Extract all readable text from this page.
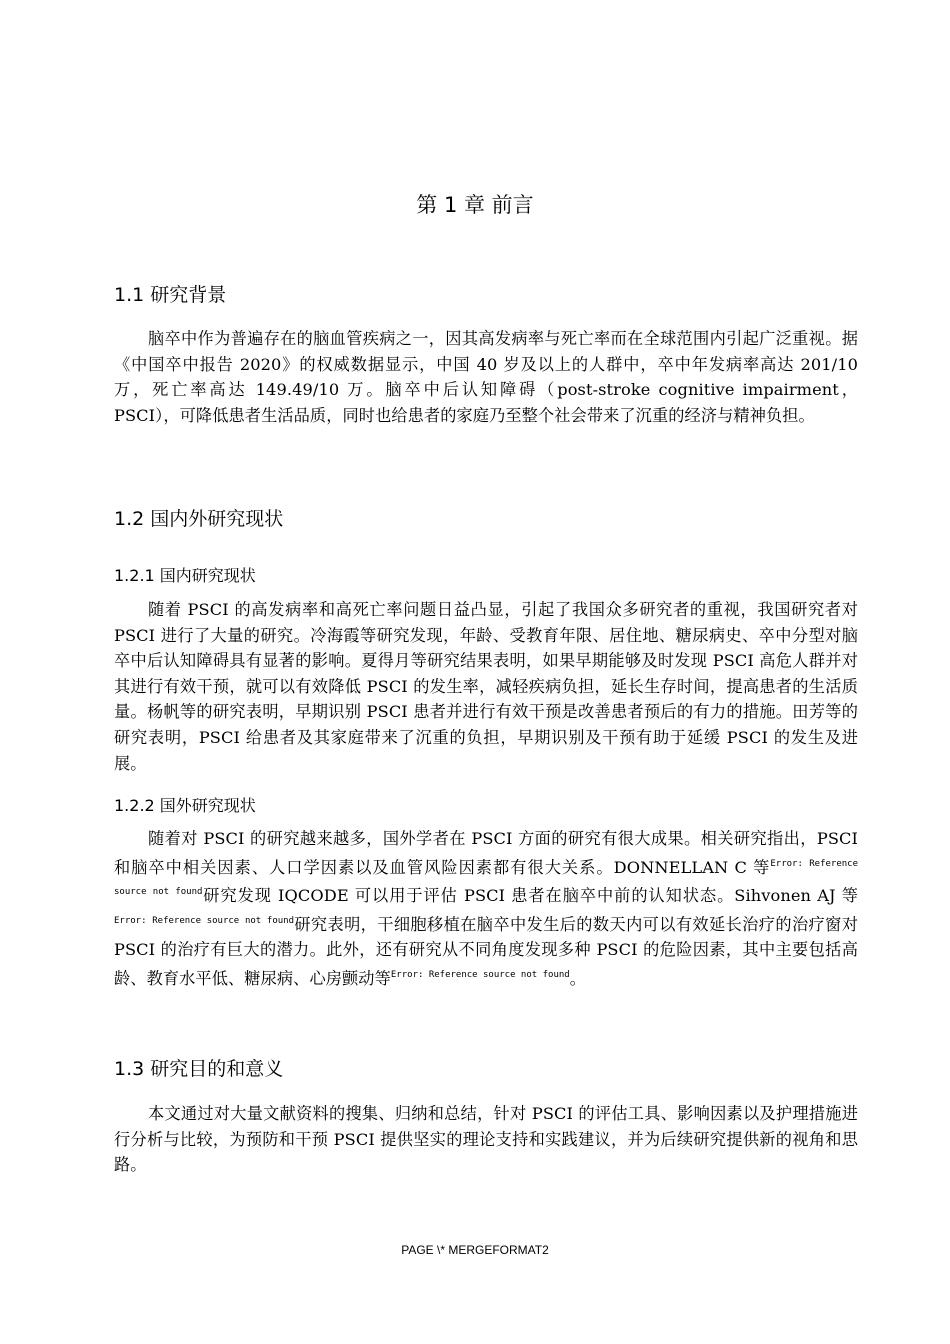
第 1 章 前言
1.1 研究背景

脑卒中作为普遍存在的脑血管疾病之一，因其高发病率与死亡率而在全球范围内引起广泛重视。据《中国卒中报告 2020》的权威数据显示，中国 40 岁及以上的人群中，卒中年发病率高达 201/10 万，死亡率高达 149.49/10 万。脑卒中后认知障碍（post-stroke cognitive impairment，PSCI），可降低患者生活品质，同时也给患者的家庭乃至整个社会带来了沉重的经济与精神负担。

1.2 国内外研究现状
1.2.1 国内研究现状

随着 PSCI 的高发病率和高死亡率问题日益凸显，引起了我国众多研究者的重视，我国研究者对 PSCI 进行了大量的研究。冷海霞等研究发现，年龄、受教育年限、居住地、糖尿病史、卒中分型对脑卒中后认知障碍具有显著的影响。夏得月等研究结果表明，如果早期能够及时发现 PSCI 高危人群并对其进行有效干预，就可以有效降低 PSCI 的发生率，减轻疾病负担，延长生存时间，提高患者的生活质量。杨帆等的研究表明，早期识别 PSCI 患者并进行有效干预是改善患者预后的有力的措施。田芳等的研究表明，PSCI 给患者及其家庭带来了沉重的负担，早期识别及干预有助于延缓 PSCI 的发生及进展。

1.2.2 国外研究现状

随着对 PSCI 的研究越来越多，国外学者在 PSCI 方面的研究有很大成果。相关研究指出，PSCI 和脑卒中相关因素、人口学因素以及血管风险因素都有很大关系。DONNELLAN C 等$^{Error: Reference source not found}$研究发现 IQCODE 可以用于评估 PSCI 患者在脑卒中前的认知状态。Sihvonen AJ 等$^{Error: Reference source not found}$研究表明，干细胞移植在脑卒中发生后的数天内可以有效延长治疗的治疗窗对 PSCI 的治疗有巨大的潜力。此外，还有研究从不同角度发现多种 PSCI 的危险因素，其中主要包括高龄、教育水平低、糖尿病、心房颤动等$^{Error: Reference source not found}$。

1.3 研究目的和意义

本文通过对大量文献资料的搜集、归纳和总结，针对 PSCI 的评估工具、影响因素以及护理措施进行分析与比较，为预防和干预 PSCI 提供坚实的理论支持和实践建议，并为后续研究提供新的视角和思路。

PAGE \* MERGEFORMAT2
